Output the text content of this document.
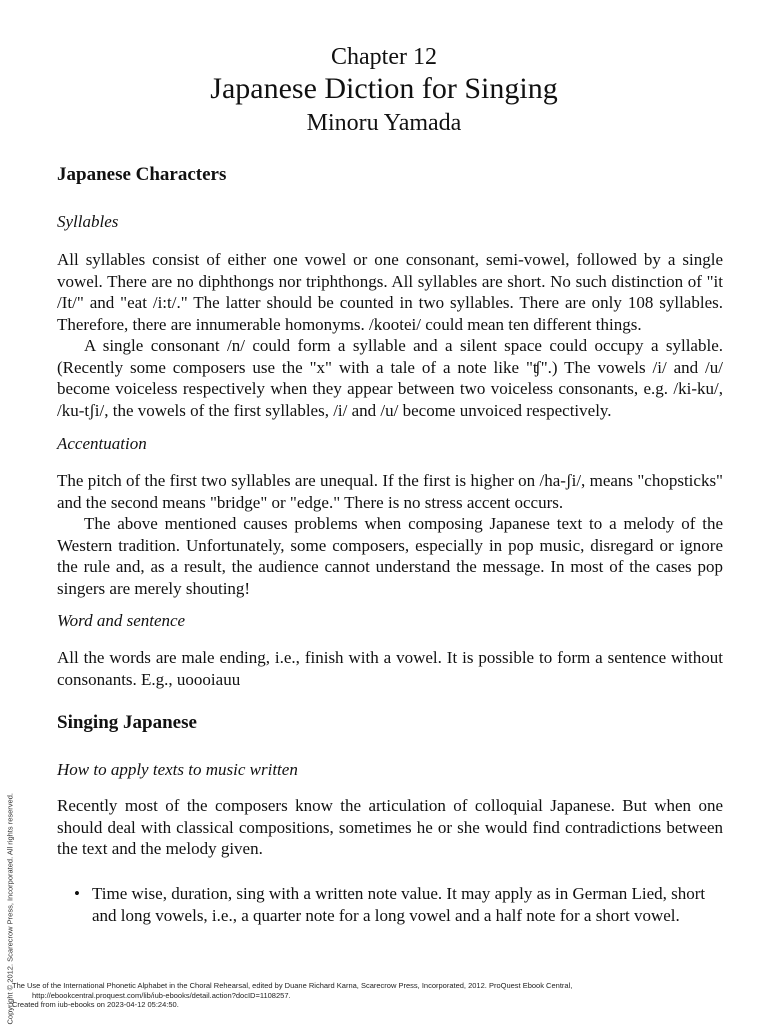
Chapter 12
Japanese Diction for Singing
Minoru Yamada
Japanese Characters
Syllables

All syllables consist of either one vowel or one consonant, semi-vowel, followed by a single vowel. There are no diphthongs nor triphthongs. All syllables are short. No such distinction of "it /It/" and "eat /i:t/." The latter should be counted in two syllables. There are only 108 syllables. Therefore, there are innumerable homonyms. /kootei/ could mean ten different things.

A single consonant /n/ could form a syllable and a silent space could occupy a syllable. (Recently some composers use the "x" with a tale of a note like "ʧ".) The vowels /i/ and /u/ become voiceless respectively when they appear between two voiceless consonants, e.g. /ki-ku/, /ku-tʃi/, the vowels of the first syllables, /i/ and /u/ become unvoiced respectively.

Accentuation

The pitch of the first two syllables are unequal. If the first is higher on /ha-ʃi/, means "chopsticks" and the second means "bridge" or "edge." There is no stress accent occurs.

The above mentioned causes problems when composing Japanese text to a melody of the Western tradition. Unfortunately, some composers, especially in pop music, disregard or ignore the rule and, as a result, the audience cannot understand the message. In most of the cases pop singers are merely shouting!

Word and sentence

All the words are male ending, i.e., finish with a vowel. It is possible to form a sentence without consonants. E.g., uoooiauu

Singing Japanese
How to apply texts to music written

Recently most of the composers know the articulation of colloquial Japanese. But when one should deal with classical compositions, sometimes he or she would find contradictions between the text and the melody given.

• Time wise, duration, sing with a written note value. It may apply as in German Lied, short and long vowels, i.e., a quarter note for a long vowel and a half note for a short vowel.
Copyright © 2012. Scarecrow Press, Incorporated. All rights reserved.
The Use of the International Phonetic Alphabet in the Choral Rehearsal, edited by Duane Richard Karna, Scarecrow Press, Incorporated, 2012. ProQuest Ebook Central,
http://ebookcentral.proquest.com/lib/iub-ebooks/detail.action?docID=1108257.
Created from iub-ebooks on 2023-04-12 05:24:50.
